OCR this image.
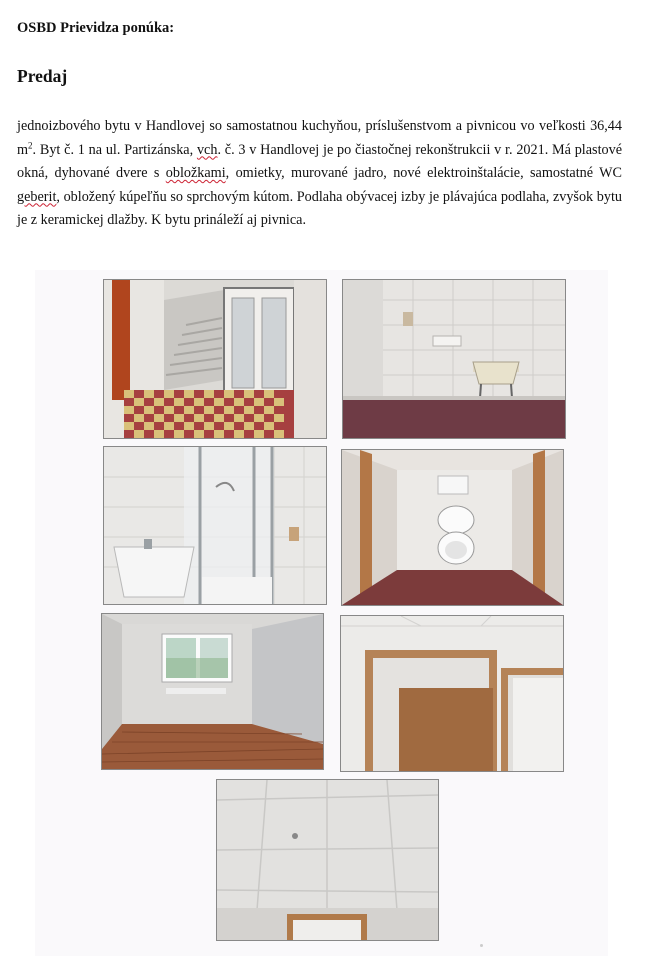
OSBD Prievidza ponúka:
Predaj
jednoizbového bytu v Handlovej so samostatnou kuchyňou, príslušenstvom a pivnicou vo veľkosti 36,44 $m^2$. Byt č. 1 na ul. Partizánska, vch. č. 3 v Handlovej je po čiastočnej rekonštrukcii v r. 2021. Má plastové okná, dyhované dvere s obložkami, omietky, murované jadro, nové elektroinštalácie, samostatné WC geberit, obložený kúpeľňu so sprchovým kútom. Podlaha obývacej izby je plávajúca podlaha, zvyšok bytu je z keramickej dlažby. K bytu prináleží aj pivnica.
